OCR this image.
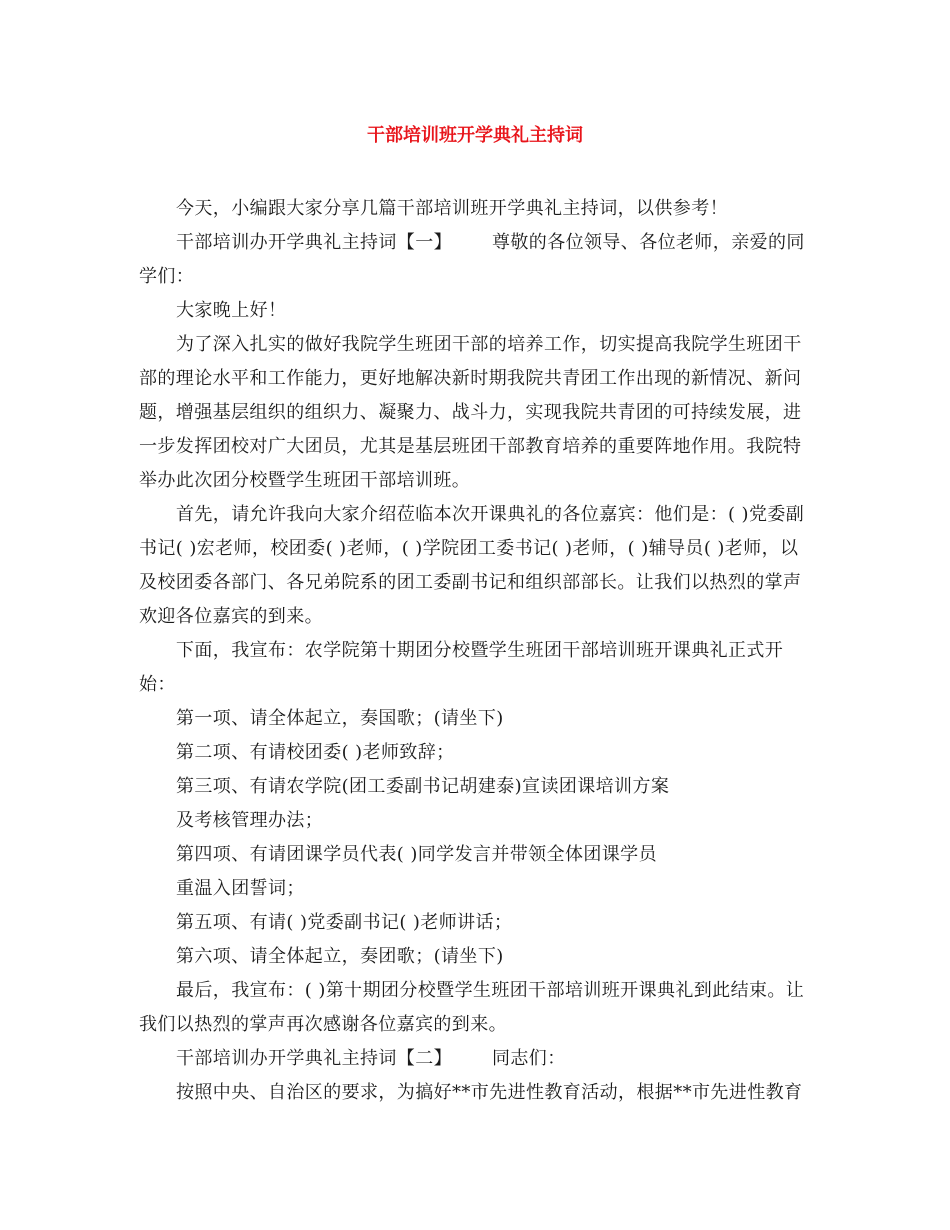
干部培训班开学典礼主持词

今天，小编跟大家分享几篇干部培训班开学典礼主持词，以供参考！

干部培训办开学典礼主持词【一】 尊敬的各位领导、各位老师，亲爱的同学们：

大家晚上好！

为了深入扎实的做好我院学生班团干部的培养工作，切实提高我院学生班团干部的理论水平和工作能力，更好地解决新时期我院共青团工作出现的新情况、新问题，增强基层组织的组织力、凝聚力、战斗力，实现我院共青团的可持续发展，进一步发挥团校对广大团员，尤其是基层班团干部教育培养的重要阵地作用。我院特举办此次团分校暨学生班团干部培训班。

首先，请允许我向大家介绍莅临本次开课典礼的各位嘉宾：他们是：( )党委副书记( )宏老师，校团委( )老师，( )学院团工委书记( )老师，( )辅导员( )老师，以及校团委各部门、各兄弟院系的团工委副书记和组织部部长。让我们以热烈的掌声欢迎各位嘉宾的到来。

下面，我宣布：农学院第十期团分校暨学生班团干部培训班开课典礼正式开始：

第一项、请全体起立，奏国歌；(请坐下)

第二项、有请校团委( )老师致辞；

第三项、有请农学院(团工委副书记胡建泰)宣读团课培训方案

及考核管理办法；

第四项、有请团课学员代表( )同学发言并带领全体团课学员

重温入团誓词；

第五项、有请( )党委副书记( )老师讲话；

第六项、请全体起立，奏团歌；(请坐下)

最后，我宣布：( )第十期团分校暨学生班团干部培训班开课典礼到此结束。让我们以热烈的掌声再次感谢各位嘉宾的到来。

干部培训办开学典礼主持词【二】 同志们：

按照中央、自治区的要求，为搞好**市先进性教育活动，根据**市先进性教育
